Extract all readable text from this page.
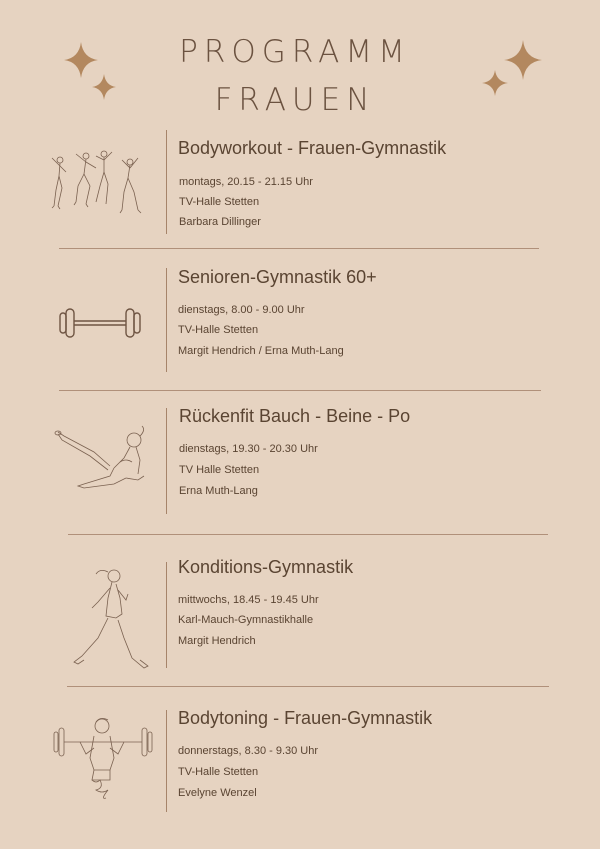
PROGRAMM
FRAUEN
Bodyworkout - Frauen-Gymnastik
montags, 20.15 - 21.15 Uhr
TV-Halle Stetten
Barbara Dillinger
Senioren-Gymnastik 60+
dienstags, 8.00 - 9.00 Uhr
TV-Halle Stetten
Margit Hendrich / Erna Muth-Lang
Rückenfit Bauch - Beine - Po
dienstags, 19.30 - 20.30 Uhr
TV Halle Stetten
Erna Muth-Lang
Konditions-Gymnastik
mittwochs, 18.45 - 19.45 Uhr
Karl-Mauch-Gymnastikhalle
Margit Hendrich
Bodytoning - Frauen-Gymnastik
donnerstags, 8.30 - 9.30 Uhr
TV-Halle Stetten
Evelyne Wenzel
